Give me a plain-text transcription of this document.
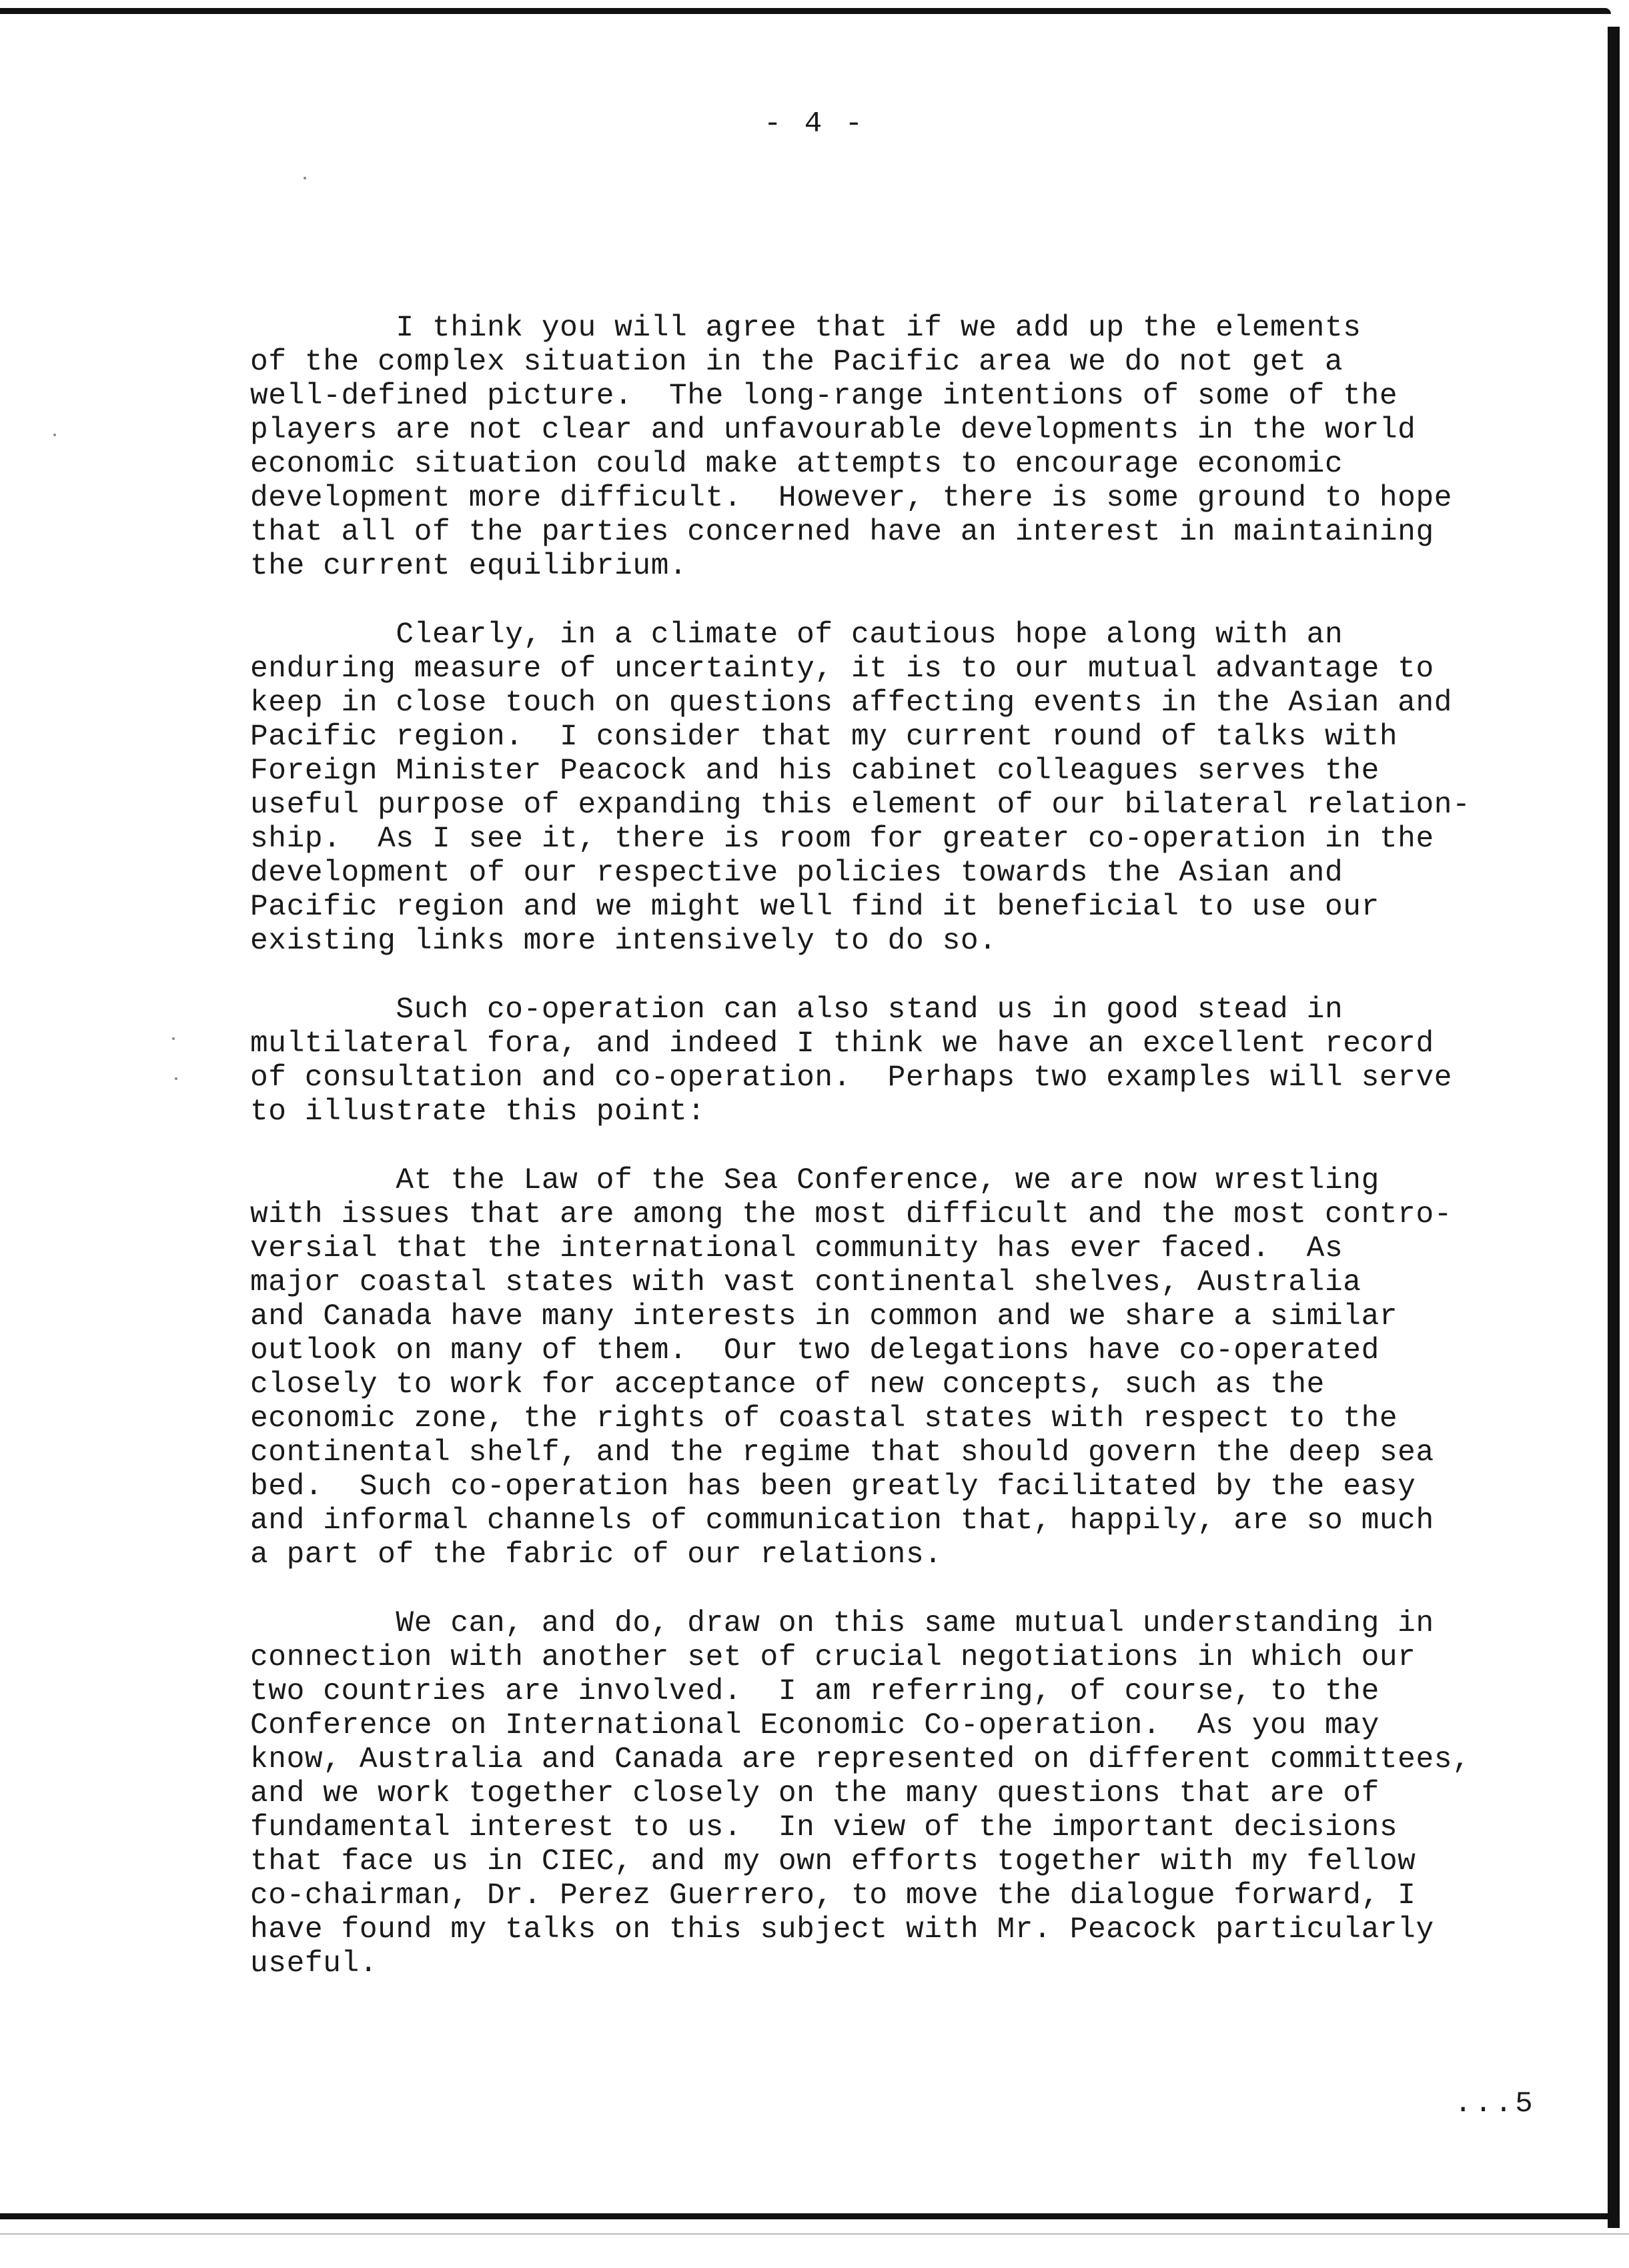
- 4 -
I think you will agree that if we add up the elements
of the complex situation in the Pacific area we do not get a
well-defined picture.  The long-range intentions of some of the
players are not clear and unfavourable developments in the world
economic situation could make attempts to encourage economic
development more difficult.  However, there is some ground to hope
that all of the parties concerned have an interest in maintaining
the current equilibrium.
Clearly, in a climate of cautious hope along with an
enduring measure of uncertainty, it is to our mutual advantage to
keep in close touch on questions affecting events in the Asian and
Pacific region.  I consider that my current round of talks with
Foreign Minister Peacock and his cabinet colleagues serves the
useful purpose of expanding this element of our bilateral relation-
ship.  As I see it, there is room for greater co-operation in the
development of our respective policies towards the Asian and
Pacific region and we might well find it beneficial to use our
existing links more intensively to do so.
Such co-operation can also stand us in good stead in
multilateral fora, and indeed I think we have an excellent record
of consultation and co-operation.  Perhaps two examples will serve
to illustrate this point:
At the Law of the Sea Conference, we are now wrestling
with issues that are among the most difficult and the most contro-
versial that the international community has ever faced.  As
major coastal states with vast continental shelves, Australia
and Canada have many interests in common and we share a similar
outlook on many of them.  Our two delegations have co-operated
closely to work for acceptance of new concepts, such as the
economic zone, the rights of coastal states with respect to the
continental shelf, and the regime that should govern the deep sea
bed.  Such co-operation has been greatly facilitated by the easy
and informal channels of communication that, happily, are so much
a part of the fabric of our relations.
We can, and do, draw on this same mutual understanding in
connection with another set of crucial negotiations in which our
two countries are involved.  I am referring, of course, to the
Conference on International Economic Co-operation.  As you may
know, Australia and Canada are represented on different committees,
and we work together closely on the many questions that are of
fundamental interest to us.  In view of the important decisions
that face us in CIEC, and my own efforts together with my fellow
co-chairman, Dr. Perez Guerrero, to move the dialogue forward, I
have found my talks on this subject with Mr. Peacock particularly
useful.
...5
